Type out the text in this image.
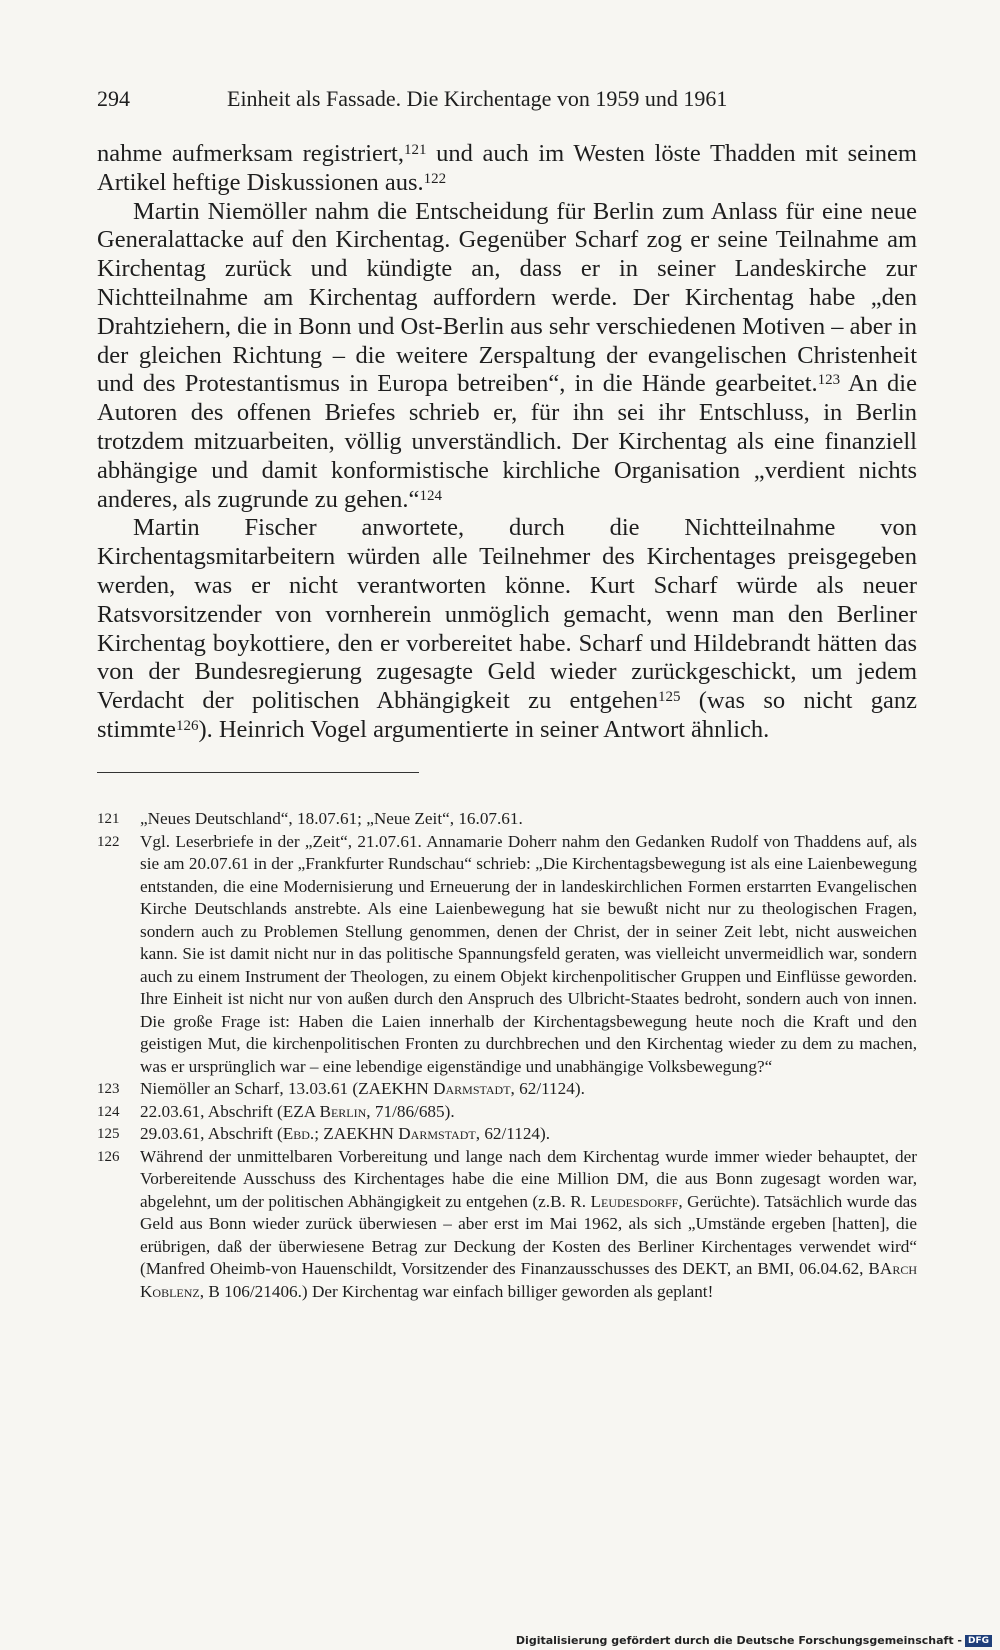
294	Einheit als Fassade. Die Kirchentage von 1959 und 1961

nahme aufmerksam registriert,$^{121}$ und auch im Westen löste Thadden mit seinem Artikel heftige Diskussionen aus.$^{122}$

Martin Niemöller nahm die Entscheidung für Berlin zum Anlass für eine neue Generalattacke auf den Kirchentag. Gegenüber Scharf zog er seine Teilnahme am Kirchentag zurück und kündigte an, dass er in seiner Landeskirche zur Nichtteilnahme am Kirchentag auffordern werde. Der Kirchentag habe „den Drahtziehern, die in Bonn und Ost-Berlin aus sehr verschiedenen Motiven – aber in der gleichen Richtung – die weitere Zerspaltung der evangelischen Christenheit und des Protestantismus in Europa betreiben“, in die Hände gearbeitet.$^{123}$ An die Autoren des offenen Briefes schrieb er, für ihn sei ihr Entschluss, in Berlin trotzdem mitzuarbeiten, völlig unverständlich. Der Kirchentag als eine finanziell abhängige und damit konformistische kirchliche Organisation „verdient nichts anderes, als zugrunde zu gehen.“$^{124}$

Martin Fischer anwortete, durch die Nichtteilnahme von Kirchentagsmitarbeitern würden alle Teilnehmer des Kirchentages preisgegeben werden, was er nicht verantworten könne. Kurt Scharf würde als neuer Ratsvorsitzender von vornherein unmöglich gemacht, wenn man den Berliner Kirchentag boykottiere, den er vorbereitet habe. Scharf und Hildebrandt hätten das von der Bundesregierung zugesagte Geld wieder zurückgeschickt, um jedem Verdacht der politischen Abhängigkeit zu entgehen$^{125}$ (was so nicht ganz stimmte$^{126}$). Heinrich Vogel argumentierte in seiner Antwort ähnlich.

121 „Neues Deutschland“, 18.07.61; „Neue Zeit“, 16.07.61.
122 Vgl. Leserbriefe in der „Zeit“, 21.07.61. Annamarie Doherr nahm den Gedanken Rudolf von Thaddens auf, als sie am 20.07.61 in der „Frankfurter Rundschau“ schrieb: „Die Kirchentagsbewegung ist als eine Laienbewegung entstanden, die eine Modernisierung und Erneuerung der in landeskirchlichen Formen erstarrten Evangelischen Kirche Deutschlands anstrebte. Als eine Laienbewegung hat sie bewußt nicht nur zu theologischen Fragen, sondern auch zu Problemen Stellung genommen, denen der Christ, der in seiner Zeit lebt, nicht ausweichen kann. Sie ist damit nicht nur in das politische Spannungsfeld geraten, was vielleicht unvermeidlich war, sondern auch zu einem Instrument der Theologen, zu einem Objekt kirchenpolitischer Gruppen und Einflüsse geworden. Ihre Einheit ist nicht nur von außen durch den Anspruch des Ulbricht-Staates bedroht, sondern auch von innen. Die große Frage ist: Haben die Laien innerhalb der Kirchentagsbewegung heute noch die Kraft und den geistigen Mut, die kirchenpolitischen Fronten zu durchbrechen und den Kirchentag wieder zu dem zu machen, was er ursprünglich war – eine lebendige eigenständige und unabhängige Volksbewegung?“
123 Niemöller an Scharf, 13.03.61 (ZAEKHN Darmstadt, 62/1124).
124 22.03.61, Abschrift (EZA Berlin, 71/86/685).
125 29.03.61, Abschrift (Ebd.; ZAEKHN Darmstadt, 62/1124).
126 Während der unmittelbaren Vorbereitung und lange nach dem Kirchentag wurde immer wieder behauptet, der Vorbereitende Ausschuss des Kirchentages habe die eine Million DM, die aus Bonn zugesagt worden war, abgelehnt, um der politischen Abhängigkeit zu entgehen (z.B. R. Leudesdorff, Gerüchte). Tatsächlich wurde das Geld aus Bonn wieder zurück überwiesen – aber erst im Mai 1962, als sich „Umstände ergeben [hatten], die erübrigen, daß der überwiesene Betrag zur Deckung der Kosten des Berliner Kirchentages verwendet wird“ (Manfred Oheimb-von Hauenschildt, Vorsitzender des Finanzausschusses des DEKT, an BMI, 06.04.62, BArch Koblenz, B 106/21406.) Der Kirchentag war einfach billiger geworden als geplant!
Digitalisierung gefördert durch die Deutsche Forschungsgemeinschaft - DFG
